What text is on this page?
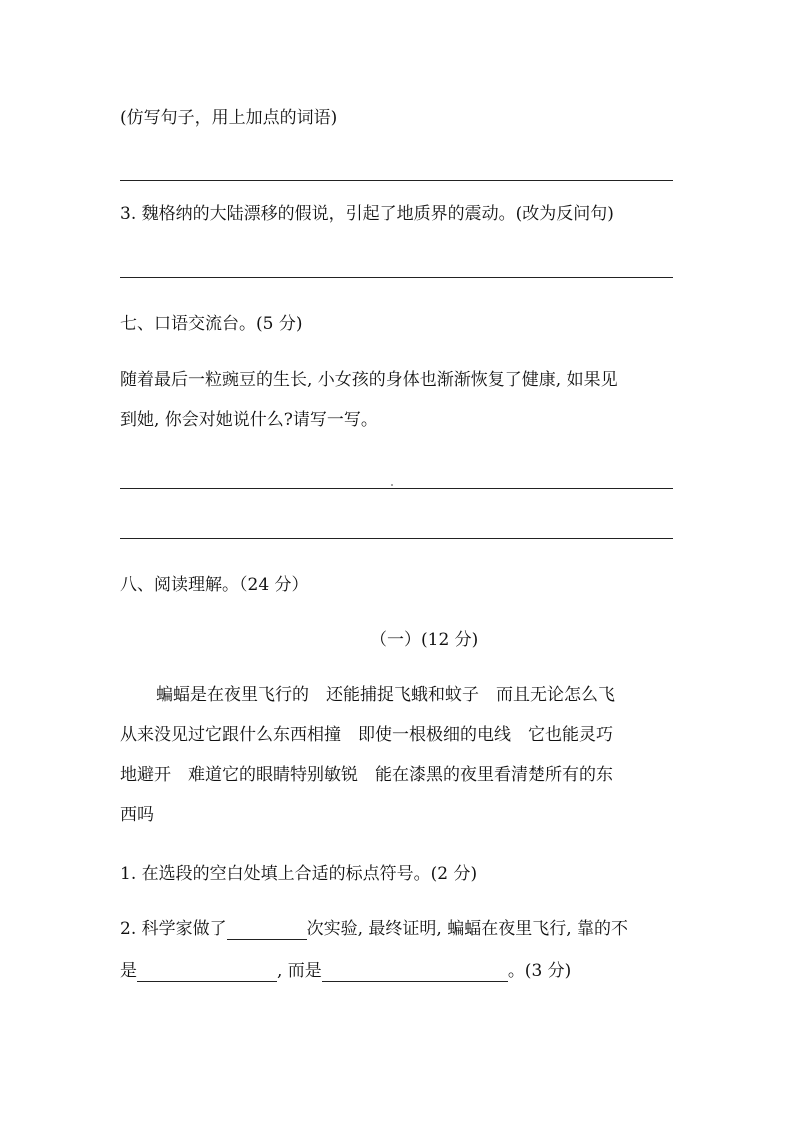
(仿写句子，用上加点的词语)
3. 魏格纳的大陆漂移的假说，引起了地质界的震动。(改为反问句)
七、口语交流台。(5 分)
随着最后一粒豌豆的生长, 小女孩的身体也渐渐恢复了健康, 如果见
到她, 你会对她说什么?请写一写。
八、阅读理解。（24 分）
（一）(12 分)
蝙蝠是在夜里飞行的　还能捕捉飞蛾和蚊子　而且无论怎么飞
从来没见过它跟什么东西相撞　即使一根极细的电线　它也能灵巧
地避开　难道它的眼睛特别敏锐　能在漆黑的夜里看清楚所有的东
西吗
1. 在选段的空白处填上合适的标点符号。(2 分)
2. 科学家做了	次实验, 最终证明, 蝙蝠在夜里飞行, 靠的不
是	, 而是	。(3 分)
